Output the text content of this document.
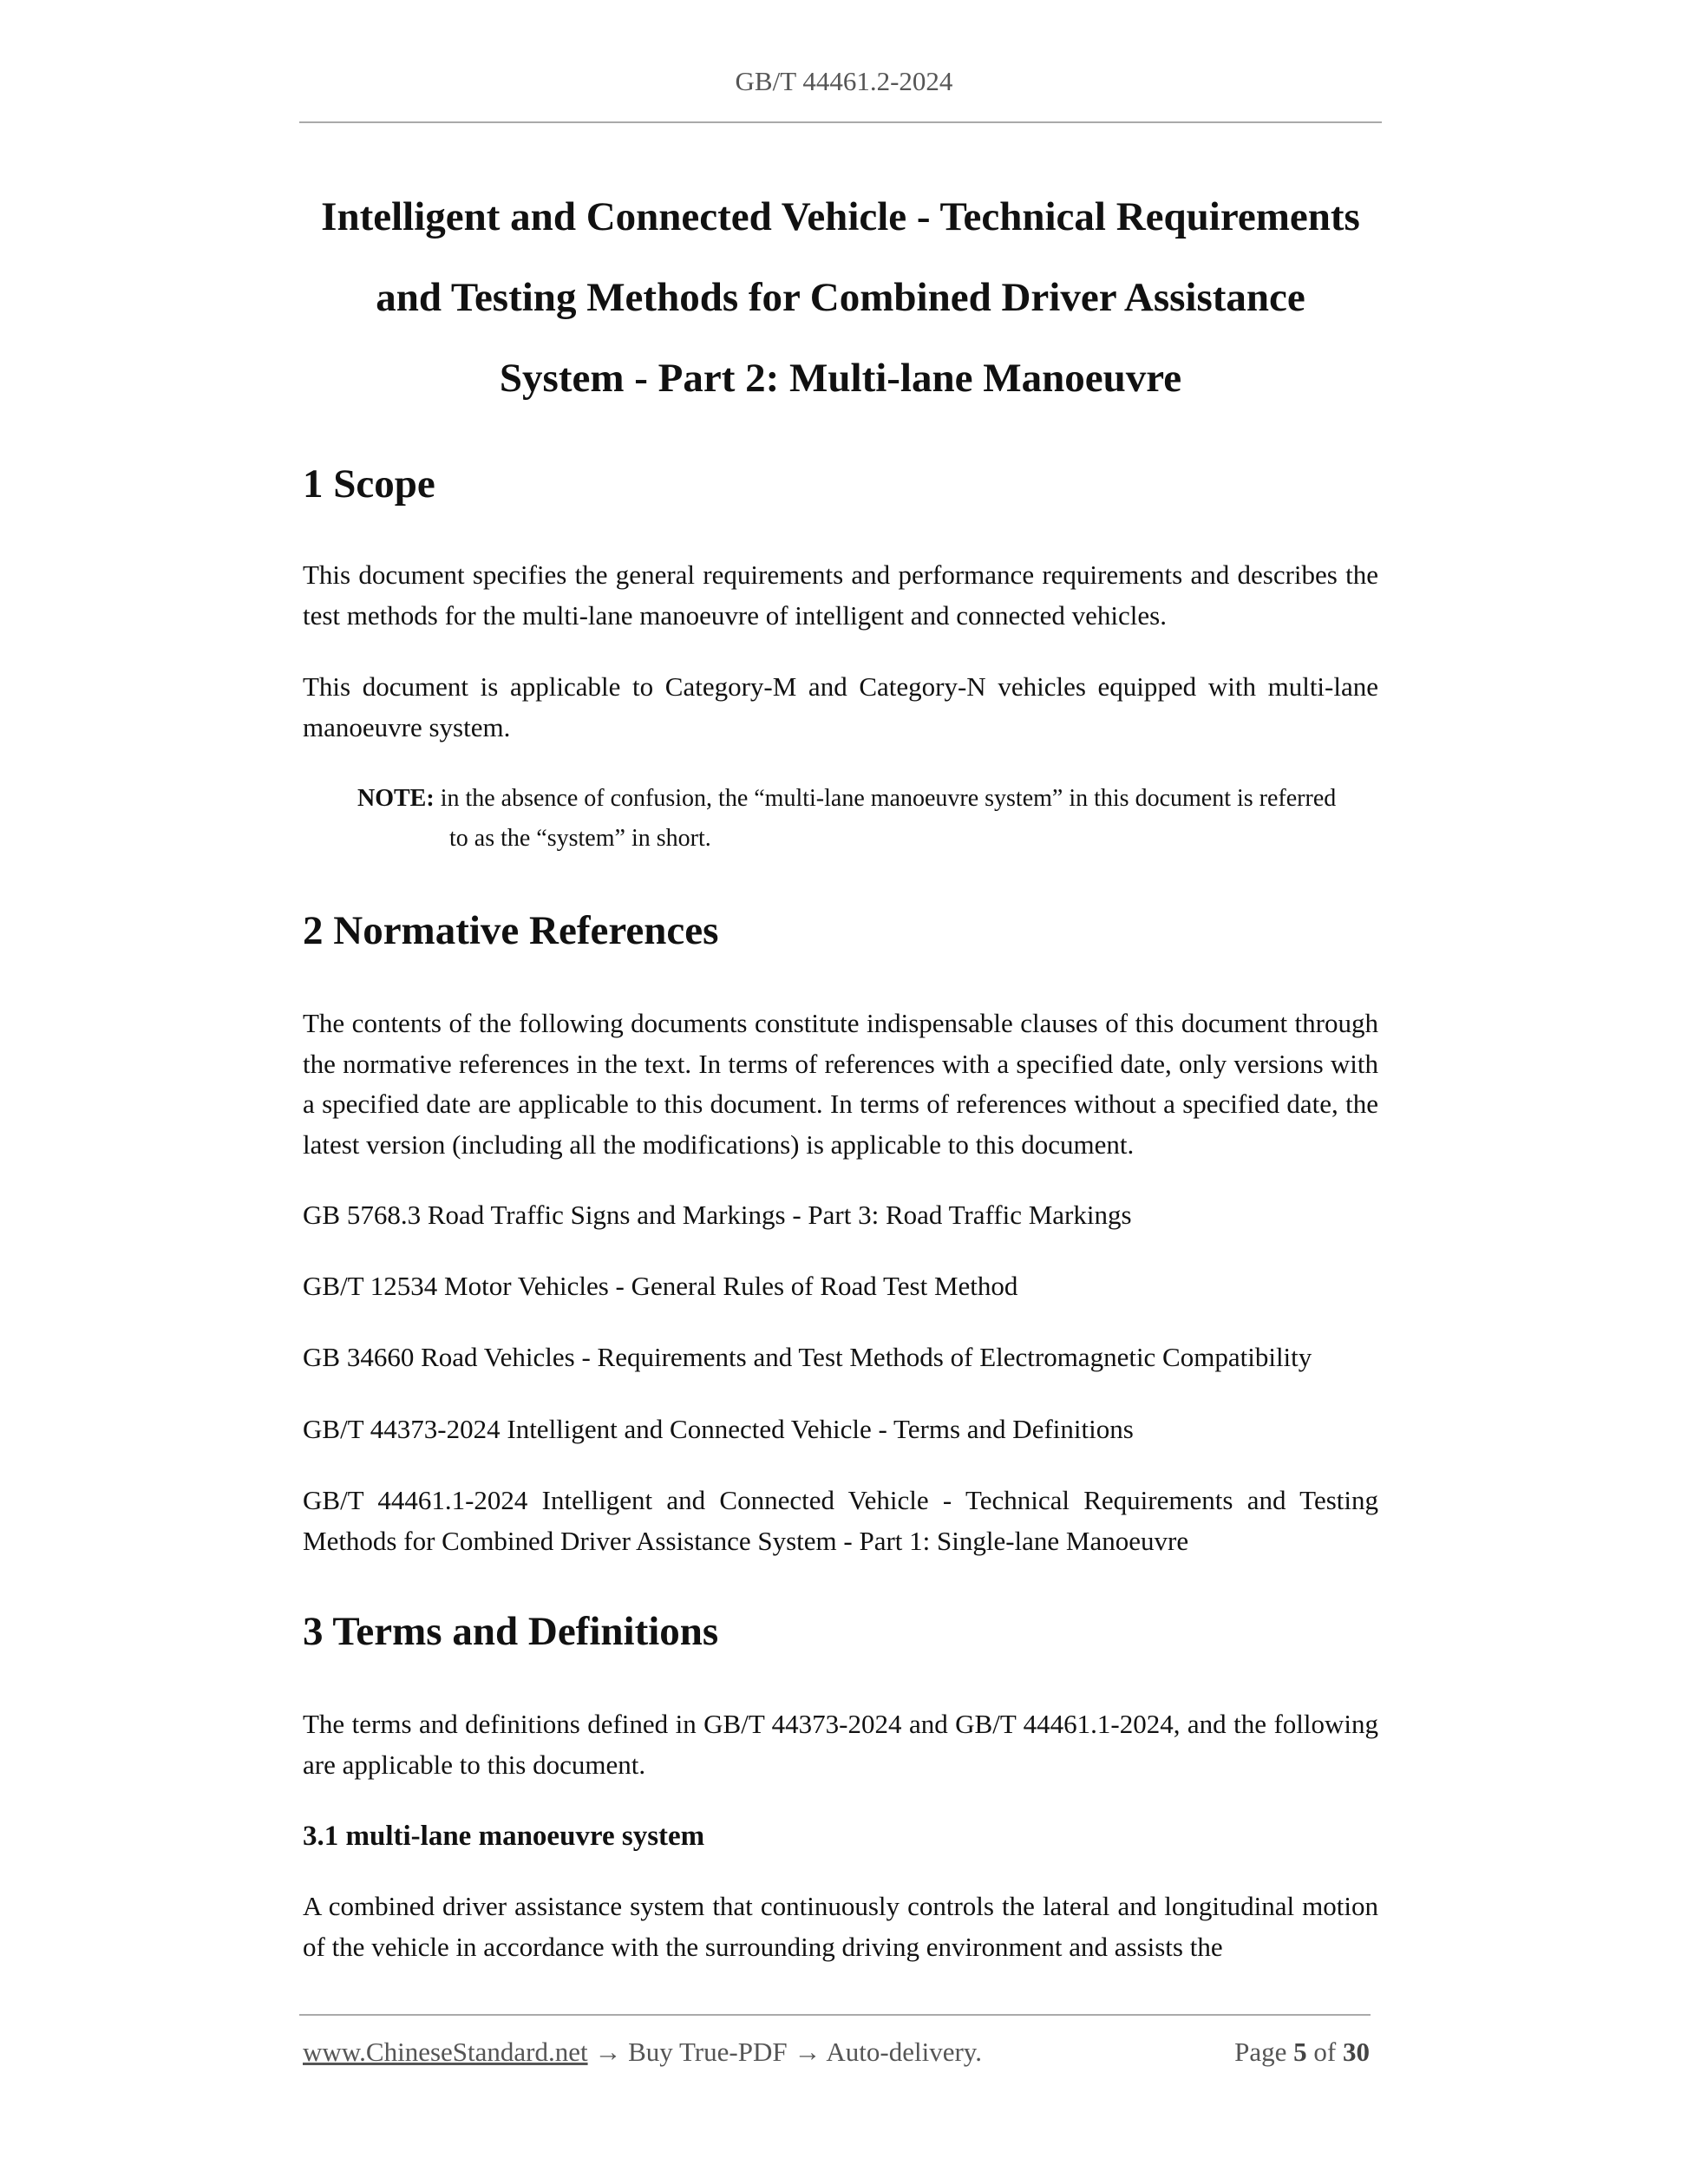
GB/T 44461.2-2024
Intelligent and Connected Vehicle - Technical Requirements
and Testing Methods for Combined Driver Assistance
System - Part 2: Multi-lane Manoeuvre
1 Scope

This document specifies the general requirements and performance requirements and describes the test methods for the multi-lane manoeuvre of intelligent and connected vehicles.

This document is applicable to Category-M and Category-N vehicles equipped with multi-lane manoeuvre system.

NOTE: in the absence of confusion, the “multi-lane manoeuvre system” in this document is referred
to as the “system” in short.
2 Normative References

The contents of the following documents constitute indispensable clauses of this document through the normative references in the text. In terms of references with a specified date, only versions with a specified date are applicable to this document. In terms of references without a specified date, the latest version (including all the modifications) is applicable to this document.

GB 5768.3 Road Traffic Signs and Markings - Part 3: Road Traffic Markings

GB/T 12534 Motor Vehicles - General Rules of Road Test Method

GB 34660 Road Vehicles - Requirements and Test Methods of Electromagnetic Compatibility

GB/T 44373-2024 Intelligent and Connected Vehicle - Terms and Definitions

GB/T 44461.1-2024 Intelligent and Connected Vehicle - Technical Requirements and Testing Methods for Combined Driver Assistance System - Part 1: Single-lane Manoeuvre

3 Terms and Definitions

The terms and definitions defined in GB/T 44373-2024 and GB/T 44461.1-2024, and the following are applicable to this document.

3.1 multi-lane manoeuvre system

A combined driver assistance system that continuously controls the lateral and longitudinal motion of the vehicle in accordance with the surrounding driving environment and assists the

www.ChineseStandard.net → Buy True-PDF → Auto-delivery.	Page 5 of 30
